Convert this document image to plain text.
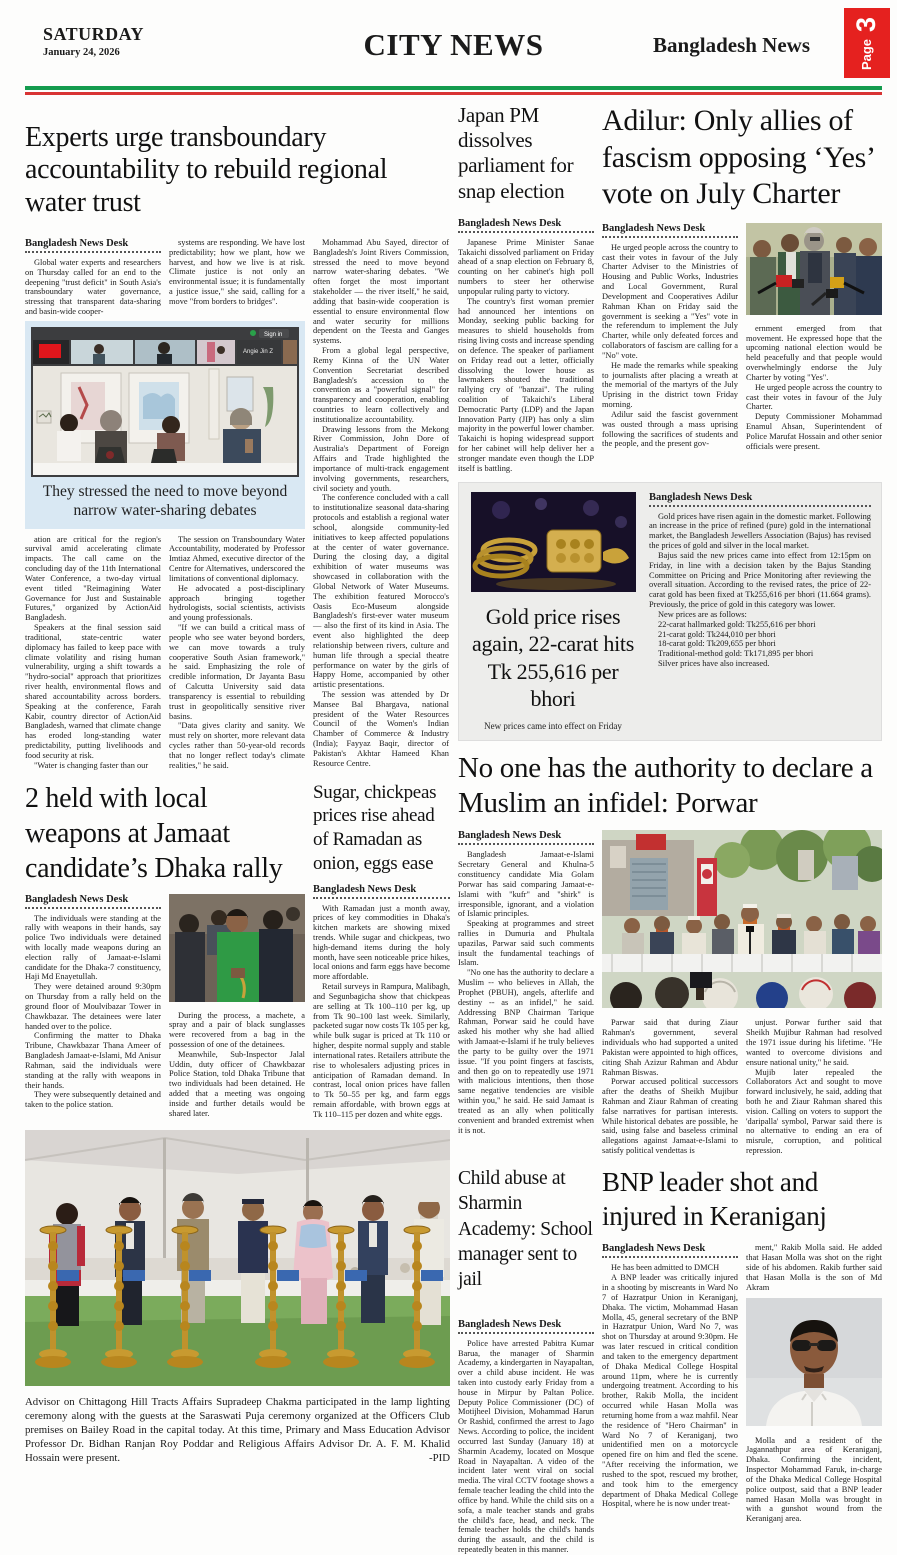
SATURDAY
January 24, 2026	CITY NEWS	Bangladesh News	Page
3
Experts urge transboundary accountability to rebuild regional water trust
Bangladesh News Desk

Global water experts and researchers on Thursday called for an end to the deepening "trust deficit" in South Asia's transboundary water governance, stressing that transparent data-sharing and basin-wide cooper-

systems are responding. We have lost predictability; how we plant, how we harvest, and how we live is at risk. Climate justice is not only an environmental issue; it is fundamentally a justice issue," she said, calling for a move "from borders to bridges".

Sign in
Angie Jin Z
They stressed the need to move beyond narrow water-sharing debates

ation are critical for the region's survival amid accelerating climate impacts. The call came on the concluding day of the 11th International Water Conference, a two-day virtual event titled "Reimagining Water Governance for Just and Sustainable Futures," organized by ActionAid Bangladesh.

Speakers at the final session said traditional, state-centric water diplomacy has failed to keep pace with climate volatility and rising human vulnerability, urging a shift towards a "hydro-social" approach that prioritizes river health, environmental flows and shared accountability across borders. Speaking at the conference, Farah Kabir, country director of ActionAid Bangladesh, warned that climate change has eroded long-standing water predictability, putting livelihoods and food security at risk.

"Water is changing faster than our

The session on Transboundary Water Accountability, moderated by Professor Imtiaz Ahmed, executive director of the Centre for Alternatives, underscored the limitations of conventional diplomacy.

He advocated a post-disciplinary approach bringing together hydrologists, social scientists, activists and young professionals.

"If we can build a critical mass of people who see water beyond borders, we can move towards a truly cooperative South Asian framework," he said. Emphasizing the role of credible information, Dr Jayanta Basu of Calcutta University said data transparency is essential to rebuilding trust in geopolitically sensitive river basins.

"Data gives clarity and sanity. We must rely on shorter, more relevant data cycles rather than 50-year-old records that no longer reflect today's climate realities," he said.

Mohammad Abu Sayed, director of Bangladesh's Joint Rivers Commission, stressed the need to move beyond narrow water-sharing debates. "We often forget the most important stakeholder — the river itself," he said, adding that basin-wide cooperation is essential to ensure environmental flow and water security for millions dependent on the Teesta and Ganges systems.

From a global legal perspective, Remy Kinna of the UN Water Convention Secretariat described Bangladesh's accession to the convention as a "powerful signal" for transparency and cooperation, enabling countries to learn collectively and institutionalize accountability.

Drawing lessons from the Mekong River Commission, John Dore of Australia's Department of Foreign Affairs and Trade highlighted the importance of multi-track engagement involving governments, researchers, civil society and youth.

The conference concluded with a call to institutionalize seasonal data-sharing protocols and establish a regional water school, alongside community-led initiatives to keep affected populations at the center of water governance. During the closing day, a digital exhibition of water museums was showcased in collaboration with the Global Network of Water Museums. The exhibition featured Morocco's Oasis Eco-Museum alongside Bangladesh's first-ever water museum — also the first of its kind in Asia. The event also highlighted the deep relationship between rivers, culture and human life through a special theatre performance on water by the girls of Happy Home, accompanied by other artistic presentations.

The session was attended by Dr Mansee Bal Bhargava, national president of the Water Resources Council of the Women's Indian Chamber of Commerce & Industry (India); Fayyaz Baqir, director of Pakistan's Akhtar Hameed Khan Resource Centre.

2 held with local weapons at Jamaat candidate’s Dhaka rally
Bangladesh News Desk

The individuals were standing at the rally with weapons in their hands, say police Two individuals were detained with locally made weapons during an election rally of Jamaat-e-Islami candidate for the Dhaka-7 constituency, Haji Md Enayetullah.

They were detained around 9:30pm on Thursday from a rally held on the ground floor of Moulvibazar Tower in Chawkbazar. The detainees were later handed over to the police.

Confirming the matter to Dhaka Tribune, Chawkbazar Thana Ameer of Bangladesh Jamaat-e-Islami, Md Anisur Rahman, said the individuals were standing at the rally with weapons in their hands.

They were subsequently detained and taken to the police station.

During the process, a machete, a spray and a pair of black sunglasses were recovered from a bag in the possession of one of the detainees.

Meanwhile, Sub-Inspector Jalal Uddin, duty officer of Chawkbazar Police Station, told Dhaka Tribune that two individuals had been detained. He added that a meeting was ongoing inside and further details would be shared later.

Sugar, chickpeas prices rise ahead of Ramadan as onion, eggs ease
Bangladesh News Desk

With Ramadan just a month away, prices of key commodities in Dhaka's kitchen markets are showing mixed trends. While sugar and chickpeas, two high-demand items during the holy month, have seen noticeable price hikes, local onions and farm eggs have become more affordable.

Retail surveys in Rampura, Malibagh, and Segunbagicha show that chickpeas are selling at Tk 100–110 per kg, up from Tk 90–100 last week. Similarly, packeted sugar now costs Tk 105 per kg, while bulk sugar is priced at Tk 110 or higher, despite normal supply and stable international rates. Retailers attribute the rise to wholesalers adjusting prices in anticipation of Ramadan demand. In contrast, local onion prices have fallen to Tk 50–55 per kg, and farm eggs remain affordable, with brown eggs at Tk 110–115 per dozen and white eggs.

Advisor on Chittagong Hill Tracts Affairs Supradeep Chakma participated in the lamp lighting ceremony along with the guests at the Saraswati Puja ceremony organized at the Officers Club premises on Bailey Road in the capital today. At this time, Primary and Mass Education Advisor Professor Dr. Bidhan Ranjan Roy Poddar and Religious Affairs Advisor Dr. A. F. M. Khalid Hossain were present.	-PID
Japan PM dissolves parliament for snap election
Bangladesh News Desk

Japanese Prime Minister Sanae Takaichi dissolved parliament on Friday ahead of a snap election on February 8, counting on her cabinet's high poll numbers to steer her otherwise unpopular ruling party to victory.

The country's first woman premier had announced her intentions on Monday, seeking public backing for measures to shield households from rising living costs and increase spending on defence. The speaker of parliament on Friday read out a letter, officially dissolving the lower house as lawmakers shouted the traditional rallying cry of "banzai". The ruling coalition of Takaichi's Liberal Democratic Party (LDP) and the Japan Innovation Party (JIP) has only a slim majority in the powerful lower chamber. Takaichi is hoping widespread support for her cabinet will help deliver her a stronger mandate even though the LDP itself is battling.

Adilur: Only allies of fascism opposing ‘Yes’ vote on July Charter
Bangladesh News Desk

He urged people across the country to cast their votes in favour of the July Charter Adviser to the Ministries of Housing and Public Works, Industries and Local Government, Rural Development and Cooperatives Adilur Rahman Khan on Friday said the government is seeking a "Yes" vote in the referendum to implement the July Charter, while only defeated forces and collaborators of fascism are calling for a "No" vote.

He made the remarks while speaking to journalists after placing a wreath at the memorial of the martyrs of the July Uprising in the district town Friday morning.

Adilur said the fascist government was ousted through a mass uprising following the sacrifices of students and the people, and the present gov-

ernment emerged from that movement. He expressed hope that the upcoming national election would be held peacefully and that people would overwhelmingly endorse the July Charter by voting "Yes".

He urged people across the country to cast their votes in favour of the July Charter.

Deputy Commissioner Mohammad Enamul Ahsan, Superintendent of Police Marufat Hossain and other senior officials were present.

Gold price rises again, 22-carat hits Tk 255,616 per bhori
New prices came into effect on Friday
Bangladesh News Desk

Gold prices have risen again in the domestic market. Following an increase in the price of refined (pure) gold in the international market, the Bangladesh Jewellers Association (Bajus) has revised the prices of gold and silver in the local market.

Bajus said the new prices came into effect from 12:15pm on Friday, in line with a decision taken by the Bajus Standing Committee on Pricing and Price Monitoring after reviewing the overall situation. According to the revised rates, the price of 22-carat gold has been fixed at Tk255,616 per bhori (11.664 grams). Previously, the price of gold in this category was lower.

New prices are as follows:

22-carat hallmarked gold: Tk255,616 per bhori

21-carat gold: Tk244,010 per bhori

18-carat gold: Tk209,655 per bhori

Traditional-method gold: Tk171,895 per bhori

Silver prices have also increased.

No one has the authority to declare a Muslim an infidel: Porwar
Bangladesh News Desk

Bangladesh Jamaat-e-Islami Secretary General and Khulna-5 constituency candidate Mia Golam Porwar has said comparing Jamaat-e-Islami with "kufr" and "shirk" is irresponsible, ignorant, and a violation of Islamic principles.

Speaking at programmes and street rallies in Dumuria and Phultala upazilas, Parwar said such comments insult the fundamental teachings of Islam.

"No one has the authority to declare a Muslim -- who believes in Allah, the Prophet (PBUH), angels, afterlife and destiny -- as an infidel," he said. Addressing BNP Chairman Tarique Rahman, Porwar said he could have asked his mother why she had allied with Jamaat-e-Islami if he truly believes the party to be guilty over the 1971 issue. "If you point fingers at fascists, and then go on to repeatedly use 1971 with malicious intentions, then those same negative tendencies are visible within you," he said. He said Jamaat is treated as an ally when politically convenient and branded extremist when it is not.

Parwar said that during Ziaur Rahman's government, several individuals who had supported a united Pakistan were appointed to high offices, citing Shah Azizur Rahman and Abdur Rahman Biswas.

Porwar accused political successors after the deaths of Sheikh Mujibur Rahman and Ziaur Rahman of creating false narratives for partisan interests. While historical debates are possible, he said, using false and baseless criminal allegations against Jamaat-e-Islami to satisfy political vendettas is

unjust. Porwar further said that Sheikh Mujibur Rahman had resolved the 1971 issue during his lifetime. "He wanted to overcome divisions and ensure national unity," he said.

Mujib later repealed the Collaborators Act and sought to move forward inclusively, he said, adding that both he and Ziaur Rahman shared this vision. Calling on voters to support the 'daripalla' symbol, Parwar said there is no alternative to ending an era of misrule, corruption, and political repression.

Child abuse at Sharmin Academy: School manager sent to jail
Bangladesh News Desk

Police have arrested Pabitra Kumar Barua, the manager of Sharmin Academy, a kindergarten in Nayapaltan, over a child abuse incident. He was taken into custody early Friday from a house in Mirpur by Paltan Police. Deputy Police Commissioner (DC) of Motijheel Division, Mohammad Harun Or Rashid, confirmed the arrest to Jago News. According to police, the incident occurred last Sunday (January 18) at Sharmin Academy, located on Mosque Road in Nayapaltan. A video of the incident later went viral on social media. The viral CCTV footage shows a female teacher leading the child into the office by hand. While the child sits on a sofa, a male teacher stands and grabs the child's face, head, and neck. The female teacher holds the child's hands during the assault, and the child is repeatedly beaten in this manner.

BNP leader shot and injured in Keraniganj
Bangladesh News Desk

He has been admitted to DMCH

A BNP leader was critically injured in a shooting by miscreants in Ward No 7 of Hazratpur Union in Keraniganj, Dhaka. The victim, Mohammad Hasan Molla, 45, general secretary of the BNP in Hazratpur Union, Ward No 7, was shot on Thursday at around 9:30pm. He was later rescued in critical condition and taken to the emergency department of Dhaka Medical College Hospital around 11pm, where he is currently undergoing treatment. According to his brother, Rakib Molla, the incident occurred while Hasan Molla was returning home from a waz mahfil. Near the residence of "Hero Chairman" in Ward No 7 of Keraniganj, two unidentified men on a motorcycle opened fire on him and fled the scene. "After receiving the information, we rushed to the spot, rescued my brother, and took him to the emergency department of Dhaka Medical College Hospital, where he is now under treat-

ment," Rakib Molla said. He added that Hasan Molla was shot on the right side of his abdomen. Rakib further said that Hasan Molla is the son of Md Akram

Molla and a resident of the Jagannathpur area of Keraniganj, Dhaka. Confirming the incident, Inspector Mohammad Faruk, in-charge of the Dhaka Medical College Hospital police outpost, said that a BNP leader named Hasan Molla was brought in with a gunshot wound from the Keraniganj area.
